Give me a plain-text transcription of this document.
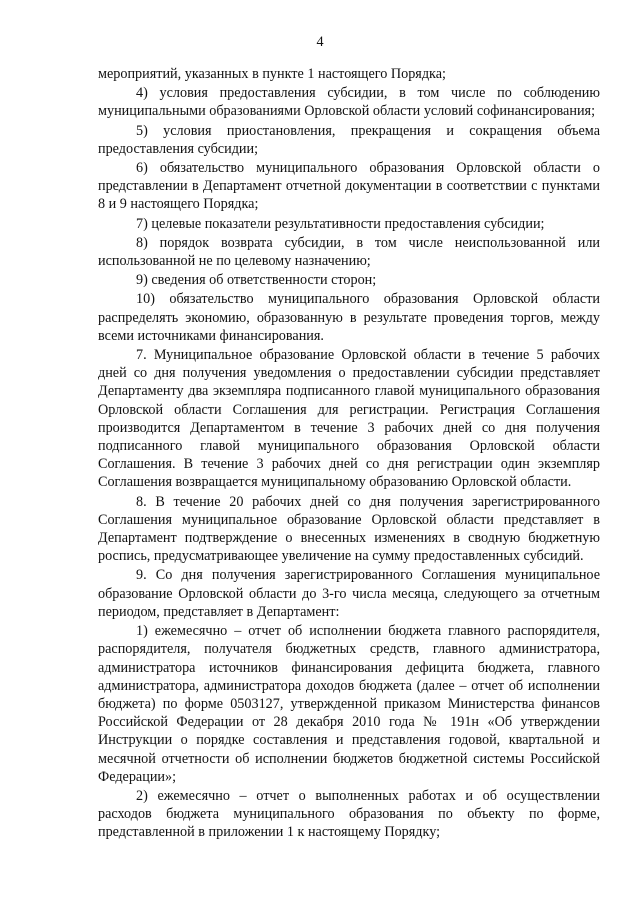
4

мероприятий, указанных в пункте 1 настоящего Порядка;

4) условия предоставления субсидии, в том числе по соблюдению муниципальными образованиями Орловской области условий софинансирования;

5) условия приостановления, прекращения и сокращения объема предоставления субсидии;

6) обязательство муниципального образования Орловской области о представлении в Департамент отчетной документации в соответствии с пунктами 8 и 9 настоящего Порядка;

7) целевые показатели результативности предоставления субсидии;

8) порядок возврата субсидии, в том числе неиспользованной или использованной не по целевому назначению;

9) сведения об ответственности сторон;

10) обязательство муниципального образования Орловской области распределять экономию, образованную в результате проведения торгов, между всеми источниками финансирования.

7. Муниципальное образование Орловской области в течение 5 рабочих дней со дня получения уведомления о предоставлении субсидии представляет Департаменту два экземпляра подписанного главой муниципального образования Орловской области Соглашения для регистрации. Регистрация Соглашения производится Департаментом в течение 3 рабочих дней со дня получения подписанного главой муниципального образования Орловской области Соглашения. В течение 3 рабочих дней со дня регистрации один экземпляр Соглашения возвращается муниципальному образованию Орловской области.

8. В течение 20 рабочих дней со дня получения зарегистрированного Соглашения муниципальное образование Орловской области представляет в Департамент подтверждение о внесенных изменениях в сводную бюджетную роспись, предусматривающее увеличение на сумму предоставленных субсидий.

9. Со дня получения зарегистрированного Соглашения муниципальное образование Орловской области до 3-го числа месяца, следующего за отчетным периодом, представляет в Департамент:

1) ежемесячно – отчет об исполнении бюджета главного распорядителя, распорядителя, получателя бюджетных средств, главного администратора, администратора источников финансирования дефицита бюджета, главного администратора, администратора доходов бюджета (далее – отчет об исполнении бюджета) по форме 0503127, утвержденной приказом Министерства финансов Российской Федерации от 28 декабря 2010 года № 191н «Об утверждении Инструкции о порядке составления и представления годовой, квартальной и месячной отчетности об исполнении бюджетов бюджетной системы Российской Федерации»;

2) ежемесячно – отчет о выполненных работах и об осуществлении расходов бюджета муниципального образования по объекту по форме, представленной в приложении 1 к настоящему Порядку;
